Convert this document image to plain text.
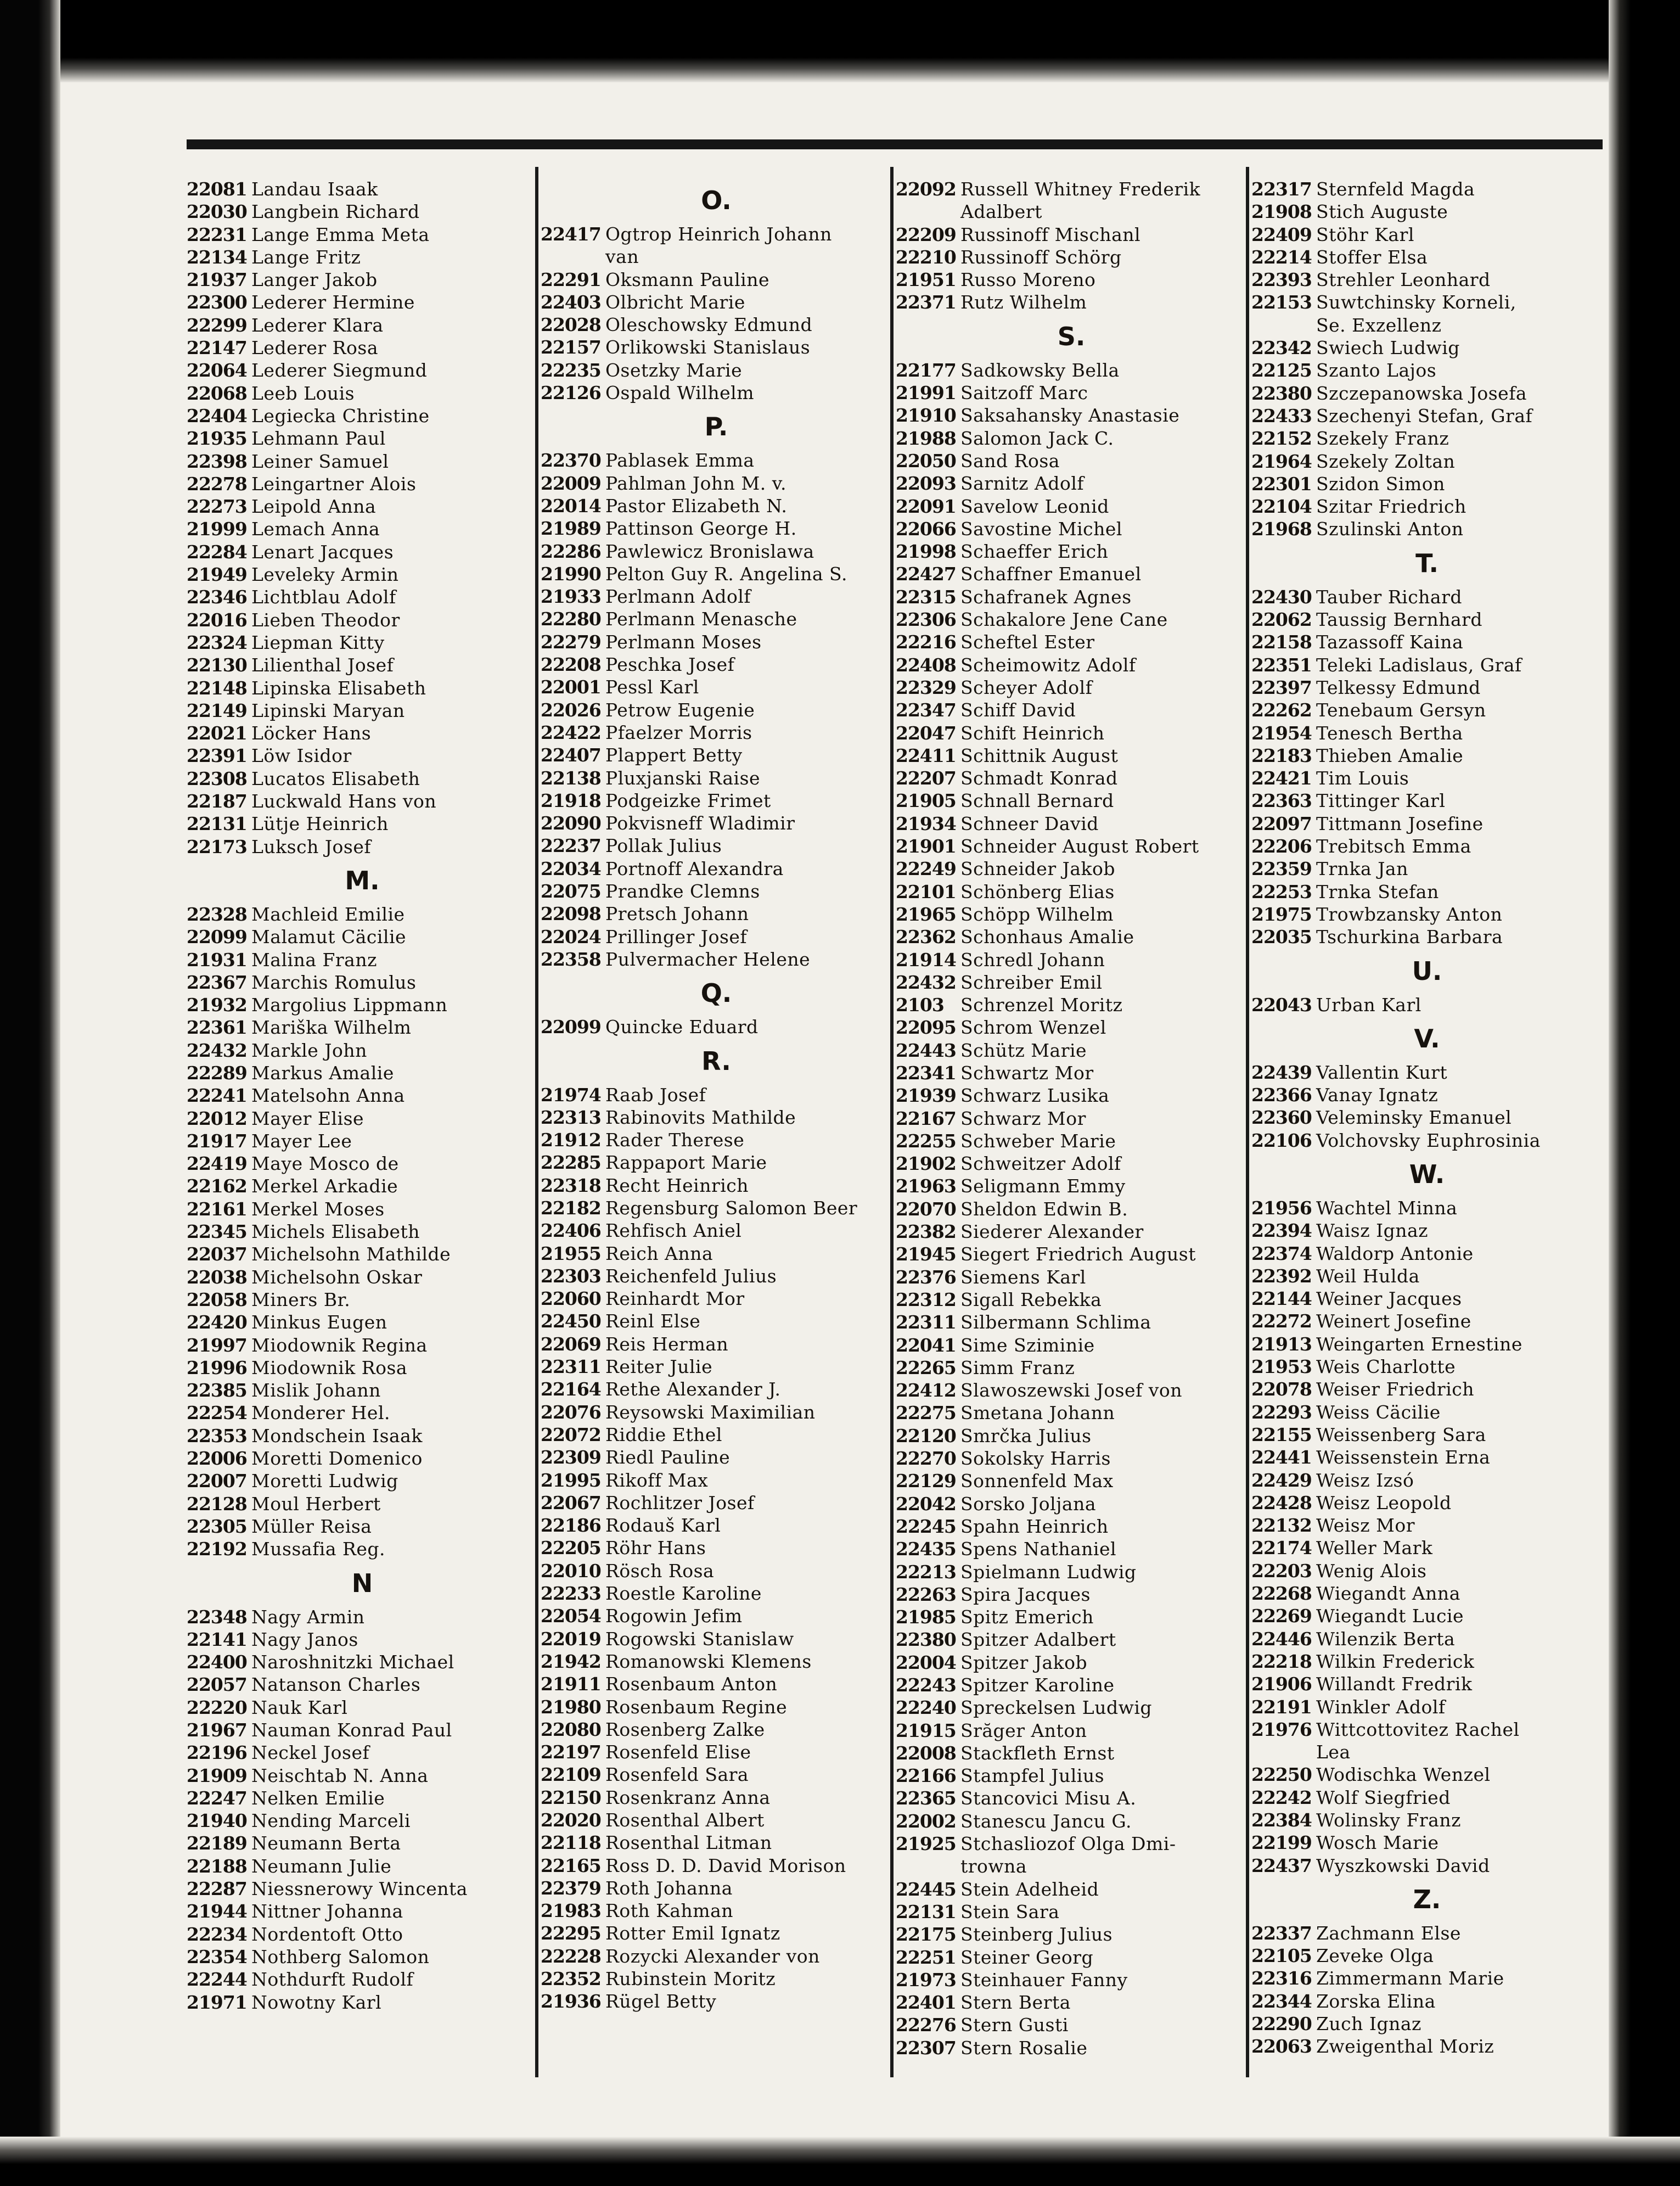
22081 Landau Isaak
22030 Langbein Richard
22231 Lange Emma Meta
22134 Lange Fritz
21937 Langer Jakob
22300 Lederer Hermine
22299 Lederer Klara
22147 Lederer Rosa
22064 Lederer Siegmund
22068 Leeb Louis
22404 Legiecka Christine
21935 Lehmann Paul
22398 Leiner Samuel
22278 Leingartner Alois
22273 Leipold Anna
21999 Lemach Anna
22284 Lenart Jacques
21949 Leveleky Armin
22346 Lichtblau Adolf
22016 Lieben Theodor
22324 Liepman Kitty
22130 Lilienthal Josef
22148 Lipinska Elisabeth
22149 Lipinski Maryan
22021 Löcker Hans
22391 Löw Isidor
22308 Lucatos Elisabeth
22187 Luckwald Hans von
22131 Lütje Heinrich
22173 Luksch Josef
M.
22328 Machleid Emilie
22099 Malamut Cäcilie
21931 Malina Franz
22367 Marchis Romulus
21932 Margolius Lippmann
22361 Mariška Wilhelm
22432 Markle John
22289 Markus Amalie
22241 Matelsohn Anna
22012 Mayer Elise
21917 Mayer Lee
22419 Maye Mosco de
22162 Merkel Arkadie
22161 Merkel Moses
22345 Michels Elisabeth
22037 Michelsohn Mathilde
22038 Michelsohn Oskar
22058 Miners Br.
22420 Minkus Eugen
21997 Miodownik Regina
21996 Miodownik Rosa
22385 Mislik Johann
22254 Monderer Hel.
22353 Mondschein Isaak
22006 Moretti Domenico
22007 Moretti Ludwig
22128 Moul Herbert
22305 Müller Reisa
22192 Mussafia Reg.
N
22348 Nagy Armin
22141 Nagy Janos
22400 Naroshnitzki Michael
22057 Natanson Charles
22220 Nauk Karl
21967 Nauman Konrad Paul
22196 Neckel Josef
21909 Neischtab N. Anna
22247 Nelken Emilie
21940 Nending Marceli
22189 Neumann Berta
22188 Neumann Julie
22287 Niessnerowy Wincenta
21944 Nittner Johanna
22234 Nordentoft Otto
22354 Nothberg Salomon
22244 Nothdurft Rudolf
21971 Nowotny Karl
O.
22417 Ogtrop Heinrich Johann
van
22291 Oksmann Pauline
22403 Olbricht Marie
22028 Oleschowsky Edmund
22157 Orlikowski Stanislaus
22235 Osetzky Marie
22126 Ospald Wilhelm
P.
22370 Pablasek Emma
22009 Pahlman John M. v.
22014 Pastor Elizabeth N.
21989 Pattinson George H.
22286 Pawlewicz Bronislawa
21990 Pelton Guy R. Angelina S.
21933 Perlmann Adolf
22280 Perlmann Menasche
22279 Perlmann Moses
22208 Peschka Josef
22001 Pessl Karl
22026 Petrow Eugenie
22422 Pfaelzer Morris
22407 Plappert Betty
22138 Pluxjanski Raise
21918 Podgeizke Frimet
22090 Pokvisneff Wladimir
22237 Pollak Julius
22034 Portnoff Alexandra
22075 Prandke Clemns
22098 Pretsch Johann
22024 Prillinger Josef
22358 Pulvermacher Helene
Q.
22099 Quincke Eduard
R.
21974 Raab Josef
22313 Rabinovits Mathilde
21912 Rader Therese
22285 Rappaport Marie
22318 Recht Heinrich
22182 Regensburg Salomon Beer
22406 Rehfisch Aniel
21955 Reich Anna
22303 Reichenfeld Julius
22060 Reinhardt Mor
22450 Reinl Else
22069 Reis Herman
22311 Reiter Julie
22164 Rethe Alexander J.
22076 Reysowski Maximilian
22072 Riddie Ethel
22309 Riedl Pauline
21995 Rikoff Max
22067 Rochlitzer Josef
22186 Rodauš Karl
22205 Röhr Hans
22010 Rösch Rosa
22233 Roestle Karoline
22054 Rogowin Jefim
22019 Rogowski Stanislaw
21942 Romanowski Klemens
21911 Rosenbaum Anton
21980 Rosenbaum Regine
22080 Rosenberg Zalke
22197 Rosenfeld Elise
22109 Rosenfeld Sara
22150 Rosenkranz Anna
22020 Rosenthal Albert
22118 Rosenthal Litman
22165 Ross D. D. David Morison
22379 Roth Johanna
21983 Roth Kahman
22295 Rotter Emil Ignatz
22228 Rozycki Alexander von
22352 Rubinstein Moritz
21936 Rügel Betty
22092 Russell Whitney Frederik
Adalbert
22209 Russinoff Mischanl
22210 Russinoff Schörg
21951 Russo Moreno
22371 Rutz Wilhelm
S.
22177 Sadkowsky Bella
21991 Saitzoff Marc
21910 Saksahansky Anastasie
21988 Salomon Jack C.
22050 Sand Rosa
22093 Sarnitz Adolf
22091 Savelow Leonid
22066 Savostine Michel
21998 Schaeffer Erich
22427 Schaffner Emanuel
22315 Schafranek Agnes
22306 Schakalore Jene Cane
22216 Scheftel Ester
22408 Scheimowitz Adolf
22329 Scheyer Adolf
22347 Schiff David
22047 Schift Heinrich
22411 Schittnik August
22207 Schmadt Konrad
21905 Schnall Bernard
21934 Schneer David
21901 Schneider August Robert
22249 Schneider Jakob
22101 Schönberg Elias
21965 Schöpp Wilhelm
22362 Schonhaus Amalie
21914 Schredl Johann
22432 Schreiber Emil
2103 Schrenzel Moritz
22095 Schrom Wenzel
22443 Schütz Marie
22341 Schwartz Mor
21939 Schwarz Lusika
22167 Schwarz Mor
22255 Schweber Marie
21902 Schweitzer Adolf
21963 Seligmann Emmy
22070 Sheldon Edwin B.
22382 Siederer Alexander
21945 Siegert Friedrich August
22376 Siemens Karl
22312 Sigall Rebekka
22311 Silbermann Schlima
22041 Sime Sziminie
22265 Simm Franz
22412 Slawoszewski Josef von
22275 Smetana Johann
22120 Smrčka Julius
22270 Sokolsky Harris
22129 Sonnenfeld Max
22042 Sorsko Joljana
22245 Spahn Heinrich
22435 Spens Nathaniel
22213 Spielmann Ludwig
22263 Spira Jacques
21985 Spitz Emerich
22380 Spitzer Adalbert
22004 Spitzer Jakob
22243 Spitzer Karoline
22240 Spreckelsen Ludwig
21915 Srăger Anton
22008 Stackfleth Ernst
22166 Stampfel Julius
22365 Stancovici Misu A.
22002 Stanescu Jancu G.
21925 Stchasliozof Olga Dmi-
trowna
22445 Stein Adelheid
22131 Stein Sara
22175 Steinberg Julius
22251 Steiner Georg
21973 Steinhauer Fanny
22401 Stern Berta
22276 Stern Gusti
22307 Stern Rosalie
22317 Sternfeld Magda
21908 Stich Auguste
22409 Stöhr Karl
22214 Stoffer Elsa
22393 Strehler Leonhard
22153 Suwtchinsky Korneli,
Se. Exzellenz
22342 Swiech Ludwig
22125 Szanto Lajos
22380 Szczepanowska Josefa
22433 Szechenyi Stefan, Graf
22152 Szekely Franz
21964 Szekely Zoltan
22301 Szidon Simon
22104 Szitar Friedrich
21968 Szulinski Anton
T.
22430 Tauber Richard
22062 Taussig Bernhard
22158 Tazassoff Kaina
22351 Teleki Ladislaus, Graf
22397 Telkessy Edmund
22262 Tenebaum Gersyn
21954 Tenesch Bertha
22183 Thieben Amalie
22421 Tim Louis
22363 Tittinger Karl
22097 Tittmann Josefine
22206 Trebitsch Emma
22359 Trnka Jan
22253 Trnka Stefan
21975 Trowbzansky Anton
22035 Tschurkina Barbara
U.
22043 Urban Karl
V.
22439 Vallentin Kurt
22366 Vanay Ignatz
22360 Veleminsky Emanuel
22106 Volchovsky Euphrosinia
W.
21956 Wachtel Minna
22394 Waisz Ignaz
22374 Waldorp Antonie
22392 Weil Hulda
22144 Weiner Jacques
22272 Weinert Josefine
21913 Weingarten Ernestine
21953 Weis Charlotte
22078 Weiser Friedrich
22293 Weiss Cäcilie
22155 Weissenberg Sara
22441 Weissenstein Erna
22429 Weisz Izsó
22428 Weisz Leopold
22132 Weisz Mor
22174 Weller Mark
22203 Wenig Alois
22268 Wiegandt Anna
22269 Wiegandt Lucie
22446 Wilenzik Berta
22218 Wilkin Frederick
21906 Willandt Fredrik
22191 Winkler Adolf
21976 Wittcottovitez Rachel
Lea
22250 Wodischka Wenzel
22242 Wolf Siegfried
22384 Wolinsky Franz
22199 Wosch Marie
22437 Wyszkowski David
Z.
22337 Zachmann Else
22105 Zeveke Olga
22316 Zimmermann Marie
22344 Zorska Elina
22290 Zuch Ignaz
22063 Zweigenthal Moriz
